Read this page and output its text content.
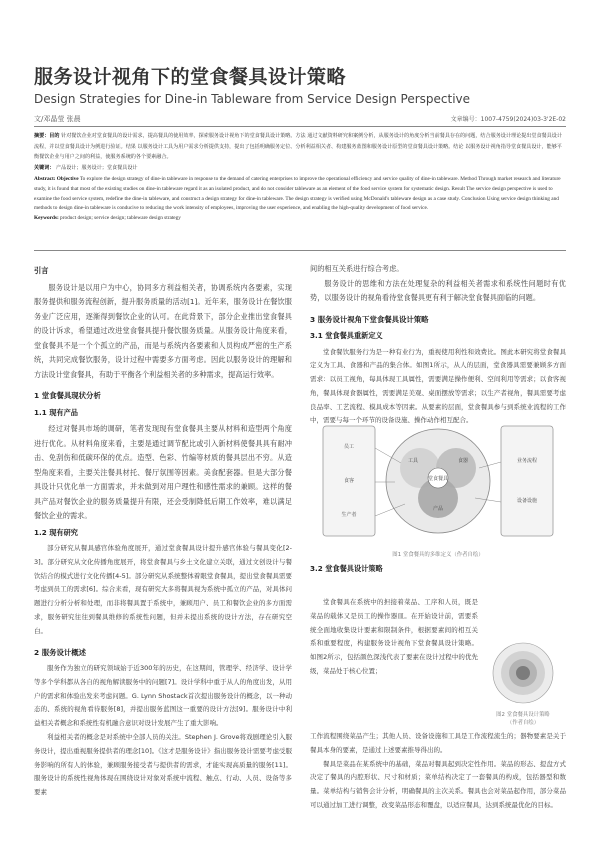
服务设计视角下的堂食餐具设计策略
Design Strategies for Dine-in Tableware from Service Design Perspective
文/邓晶莹 张晨	文章编号：1007-4759(2024)03-3'2E-02
摘要：目的 针对餐饮企业对堂食餐具的设计需求，提高餐具的使用效率，探索服务设计视角下的堂食餐具设计策略。方法 通过文献资料研究和案例分析，从服务设计的角度分析当前餐具存在的问题，结合服务设计理论提出堂食餐具设计流程，并以堂食餐具设计为例进行验证。结果 以服务设计工具为用户需求分析提供支持，提出了包括明确服务定位、分析利益相关者、构建服务蓝图和服务设计原型的堂食餐具设计策略。结论 以服务设计视角指导堂食餐具设计，能够平衡餐饮企业与用户之间的利益，使服务系统的各个要素融合。
关键词： 产品设计；服务设计；堂食餐具设计
Abstract: Objective To explore the design strategy of dine-in tableware in response to the demand of catering enterprises to improve the operational efficiency and service quality of dine-in tableware. Method Through market research and literature study, it is found that most of the existing studies on dine-in tableware regard it as an isolated product, and do not consider tableware as an element of the food service system for systematic design. Result The service design perspective is used to examine the food service system, redefine the dine-in tableware, and construct a design strategy for dine-in tableware. The design strategy is verified using McDonald's tableware design as a case study. Conclusion Using service design thinking and methods to design dine-in tableware is conducive to reducing the work intensity of employees, improving the user experience, and enabling the high-quality development of food service.
Keywords: product design; service design; tableware design strategy
引言

服务设计是以用户为中心，协同多方利益相关者，协调系统内各要素，实现服务提供和服务流程创新，提升服务质量的活动[1]。近年来，服务设计在餐饮服务业广泛应用，逐渐得到餐饮企业的认可。在此背景下，部分企业推出堂食餐具的设计诉求，希望通过改进堂食餐具提升餐饮服务质量。从服务设计角度来看，堂食餐具不是一个个孤立的产品，而是与系统内各要素和人员构成严密的生产系统，共同完成餐饮服务，设计过程中需要多方面考虑。因此以服务设计的理解和方法设计堂食餐具，有助于平衡各个利益相关者的多种需求，提高运行效率。

1 堂食餐具现状分析
1.1 现有产品

经过对餐具市场的调研，笔者发现现有堂食餐具主要从材料和造型两个角度进行优化。从材料角度来看，主要是通过调节配比或引入新材料使餐具具有耐冲击、免刮伤和低碳环保的优点。造型、色彩、竹编等材质的餐具层出不穷。从造型角度来看，主要关注餐具材托、餐厅氛围等因素。美食配套器。但是大部分餐具设计只优化单一方面需求，并未做到对用户理性和感性需求的兼顾。这样的餐具产品对餐饮企业的服务质量提升有限，还会受制降低后期工作效率，难以满足餐饮企业的需求。

1.2 现有研究

部分研究从餐具感官体验角度展开，通过堂食餐具设计提升感官体验与餐具变化[2-3]。部分研究从文化传播角度展开，将堂食餐具与乡土文化建立关联，通过文创设计与餐饮结合的模式进行文化传播[4-5]。部分研究从系统整体着眼堂食餐具，提出堂食餐具需要考虑到员工的需求[6]。综合来看，现有研究大多将餐具视为系统中孤立的产品，对具体问题进行分析分析和处理，而非将餐具置于系统中，兼顾用户、员工和餐饮企业的多方面需求，服务研究往往到餐具维修的系统性问题，但并未提出系统的设计方法，存在研究空白。

2 服务设计概述

服务作为独立的研究领域始于近300年的历史，在这期间，管理学、经济学、设计学等多个学科都从各自的视角解读服务中的问题[7]。设计学科中重于从人的角度出发，从用户的需求和体验出发来考虑问题。G. Lynn Shostack首次提出服务设计的概念，以一种动态的、系统的视角看待服务[8]，并提出服务蓝图这一重要的设计方法[9]。服务设计中利益相关者概念和系统性有机融合意识对设计发展产生了重大影响。

利益相关者的概念是对系统中全部人员的关注。Stephen J. Grove将戏剧理论引入服务设计，提出重视服务提供者的理念[10]。《这才是服务设计》指出服务设计需要考虑受服务影响的所有人的体验，兼顾服务接受者与提供者的需求，才能实现高质量的服务[11]。服务设计的系统性视角体现在围绕设计对象对系统中流程、触点、行动、人员、设备等多要素

间的相互关系进行综合考虑。

服务设计的思维和方法在处理复杂的利益相关者需求和系统性问题时有优势，以服务设计的视角看待堂食餐具更有利于解决堂食餐具面临的问题。

3 服务设计视角下堂食餐具设计策略
3.1 堂食餐具重新定义

堂食餐饮服务行为是一种有业行为，重视使用利性和效费比。图此本研究将堂食餐具定义为工具、食器和产品的集合体。如图1所示，从人的层面，堂食器具需要兼顾多方面需求：以员工视角，每具体现工具属性，需要满足操作便利、空间利用等需求；以食客视角，餐具体现食器属性，需要满足美观、桌面摆放等需求；以生产者视角，餐具需要考虑良品率、工艺流程、模具成本等因素。从要素的层面，堂食餐具参与到系统业流程的工作中，需要与每一个环节的设备设施、操作动作相互配合。

堂食餐具
工具	食器
产品
员工
食客
生产者
业务流程
设备设施
图1 堂食餐具的多维定义（作者自绘）
3.2 堂食餐具设计策略

堂食餐具在系统中的担接着菜品、工序和人员，既是菜品的载体又是员工的操作器皿。在开始设计前，需要系统全面地收集设计要素和限制条件，根据要素间的相互关系和重要程度，构建服务设计视角下堂食餐具设计策略。如图2所示，包括颜色深浅代表了要素在设计过程中的优先级，菜品处于核心位置；

图2 堂食餐具设计策略
（作者自绘）

工作流程围绕菜品产生；其他人员、设备设施和工具是工作流程流生的；器物要素是关于餐具本身的要素，是通过上述要素推导得出的。

餐具是菜品在某系统中的基础，菜品对餐具起到决定性作用。菜品的形态、提盘方式决定了餐具的内腔形状、尺寸和材质；菜单结构决定了一套餐具的构成，包括器型和数量。菜单结构与销售会计分析，明确餐具的主次关系。餐具也会对菜品起作用，部分菜品可以通过加工进行调整，改变菜品形态和覆盘，以适应餐具，达到系统最优化的目标。
